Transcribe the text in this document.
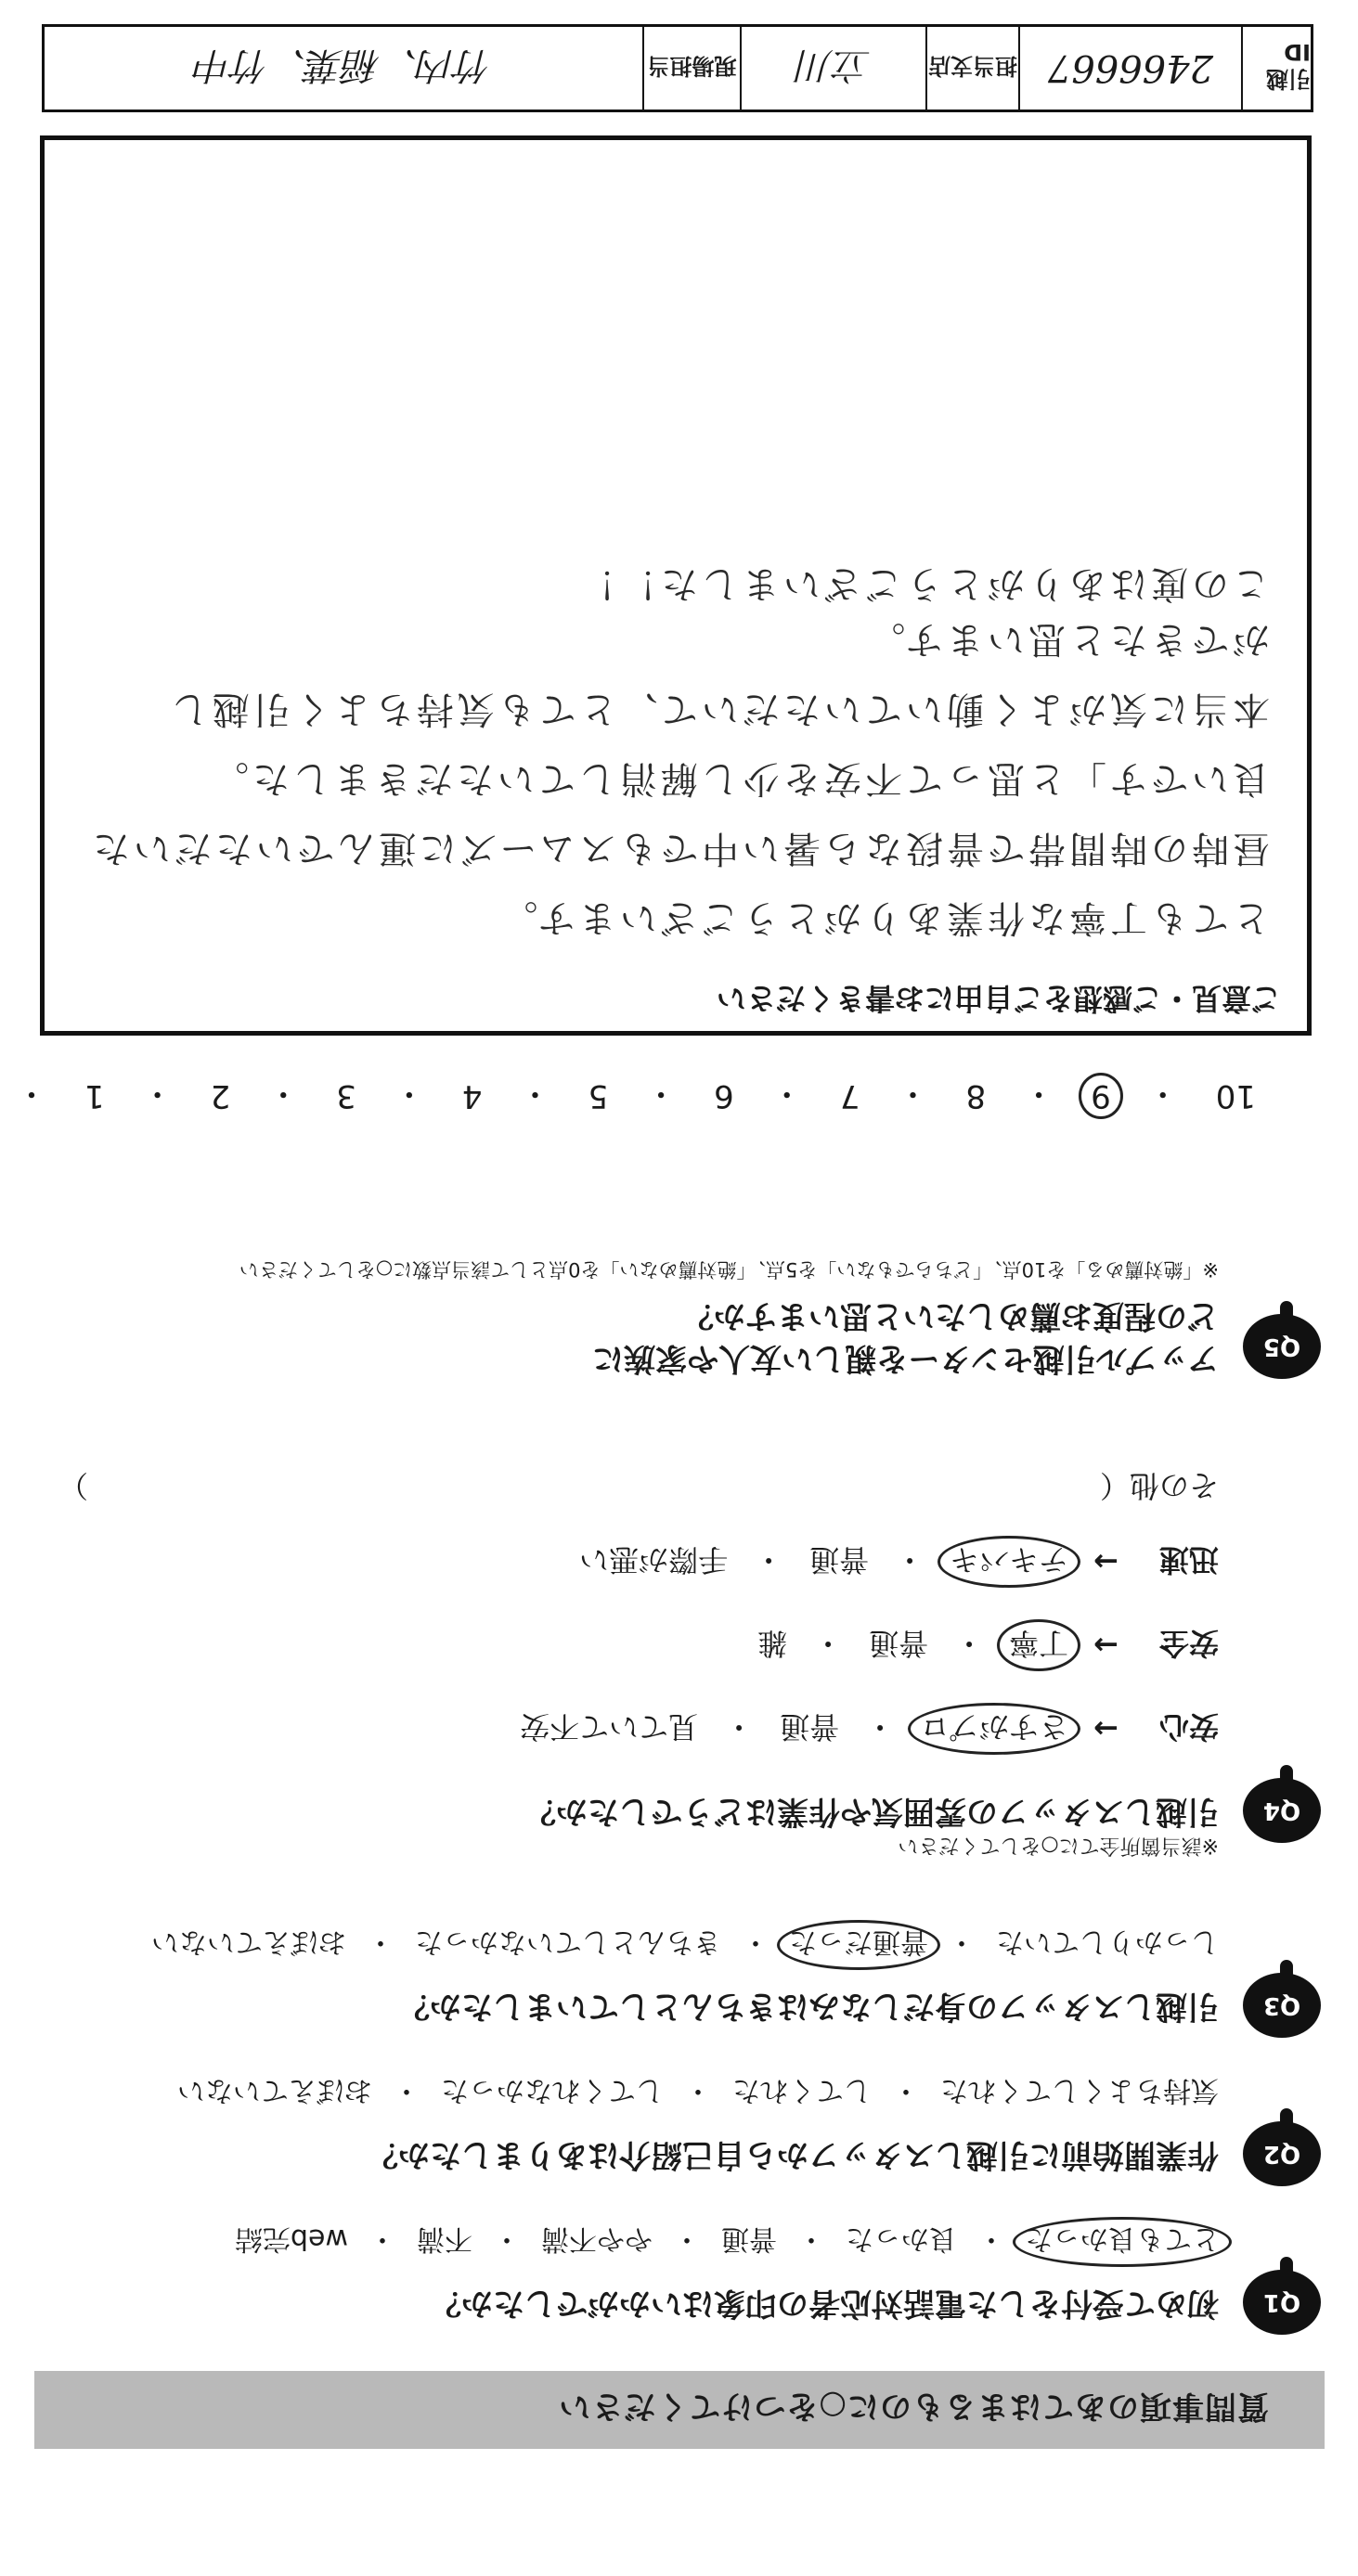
質問事項のあてはまるものに○をつけてください
Q1
初めて受付をした電話対応者の印象はいかがでしたか？
とても良かった
・
良かった
・
普通
・
やや不満
・
不満
・
web完結
Q2
作業開始前に引越しスタッフから自己紹介はありましたか？
気持ちよくしてくれた
・
してくれた
・
してくれなかった
・
おぼえていない
Q3
引越しスタッフの身だしなみはきちんとしていましたか？
しっかりしていた
・
普通だった
・
きちんとしていなかった
・
おぼえていない
Q4
引越しスタッフの雰囲気や作業はどうでしたか？
※該当箇所全てに○をしてください
安心
→
さすがプロ
・
普通
・
見ていて不安
安全
→
丁寧
・
普通
・
雑
迅速
→
テキパキ
・
普通
・
手際が悪い
その他（
）
Q5
アップル引越センターを親しい友人や家族に
どの程度お薦めしたいと思いますか？
※「絶対薦める」を10点、「どちらでもない」を5点、「絶対薦めない」を0点として該当点数に○をしてください
10
・
9
・
8
・
7
・
6
・
5
・
4
・
3
・
2
・
1
・
ご意見・ご感想をご自由にお書きください
とても丁寧な作業ありがとうございます。
昼時の時間帯で普段なら暑い中でもスムーズに運んでいただいた
良いです」と思って不安を少し解消していただきました。
本当に気がよく動いていただいて、とても気持ちよく引越し
ができたと思います。
この度はありがとうございました！！
引越ID
2466667
担当支店
立川
現場担当
竹内、稲葉、竹中
